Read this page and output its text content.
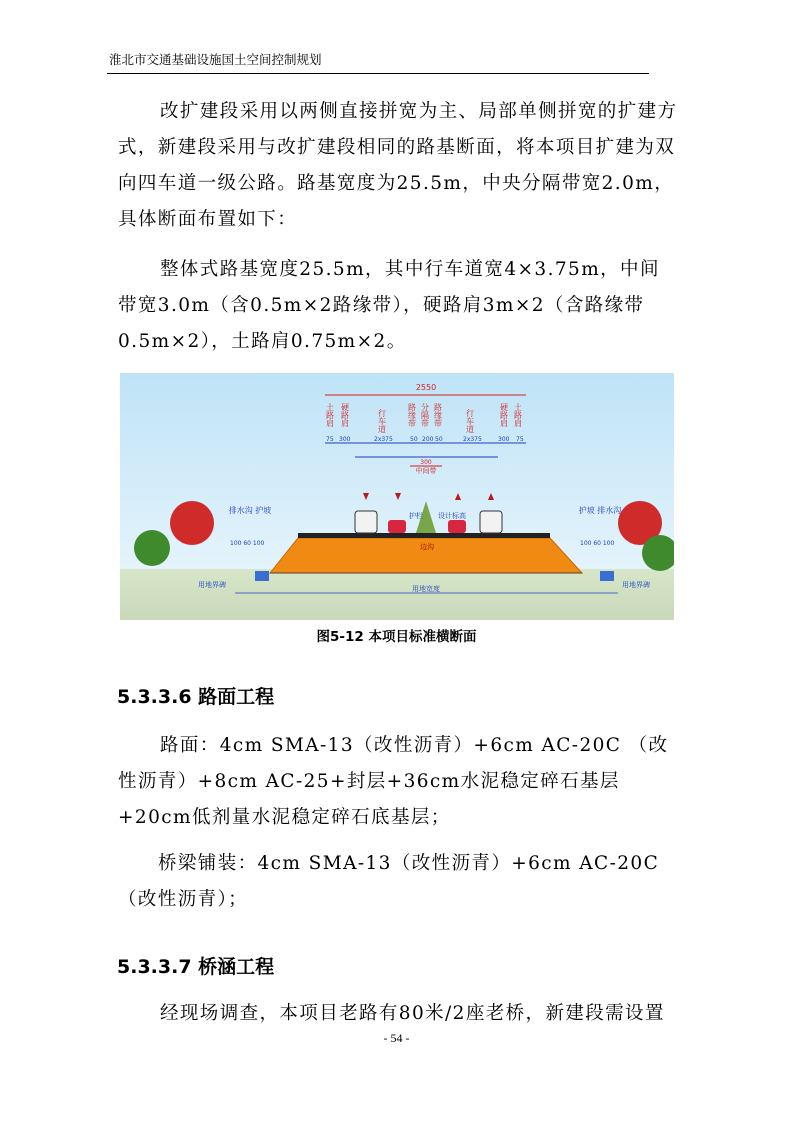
淮北市交通基础设施国土空间控制规划

改扩建段采用以两侧直接拼宽为主、局部单侧拼宽的扩建方式，新建段采用与改扩建段相同的路基断面，将本项目扩建为双向四车道一级公路。路基宽度为25.5m，中央分隔带宽2.0m，具体断面布置如下：

整体式路基宽度25.5m，其中行车道宽4×3.75m，中间带宽3.0m（含0.5m×2路缘带），硬路肩3m×2（含路缘带0.5m×2），土路肩0.75m×2。

2550
土路肩 硬路肩	行车道	路缘带 分隔带 路缘带	行车道	硬路肩 土路肩
75 300	2x375	50 200 50	2x375	300 75
300
中间带
护栏 设计标高
边沟
排水沟 护坡	护坡 排水沟
100 60 100	100 60 100
用地宽度
用地界碑	用地界碑
图5-12 本项目标准横断面
5.3.3.6 路面工程

路面：4cm SMA-13（改性沥青）+6cm AC-20C （改性沥青）+8cm AC-25+封层+36cm水泥稳定碎石基层+20cm低剂量水泥稳定碎石底基层；

桥梁铺装：4cm SMA-13（改性沥青）+6cm AC-20C （改性沥青）；

5.3.3.7 桥涵工程

经现场调查，本项目老路有80米/2座老桥，新建段需设置

- 54 -
